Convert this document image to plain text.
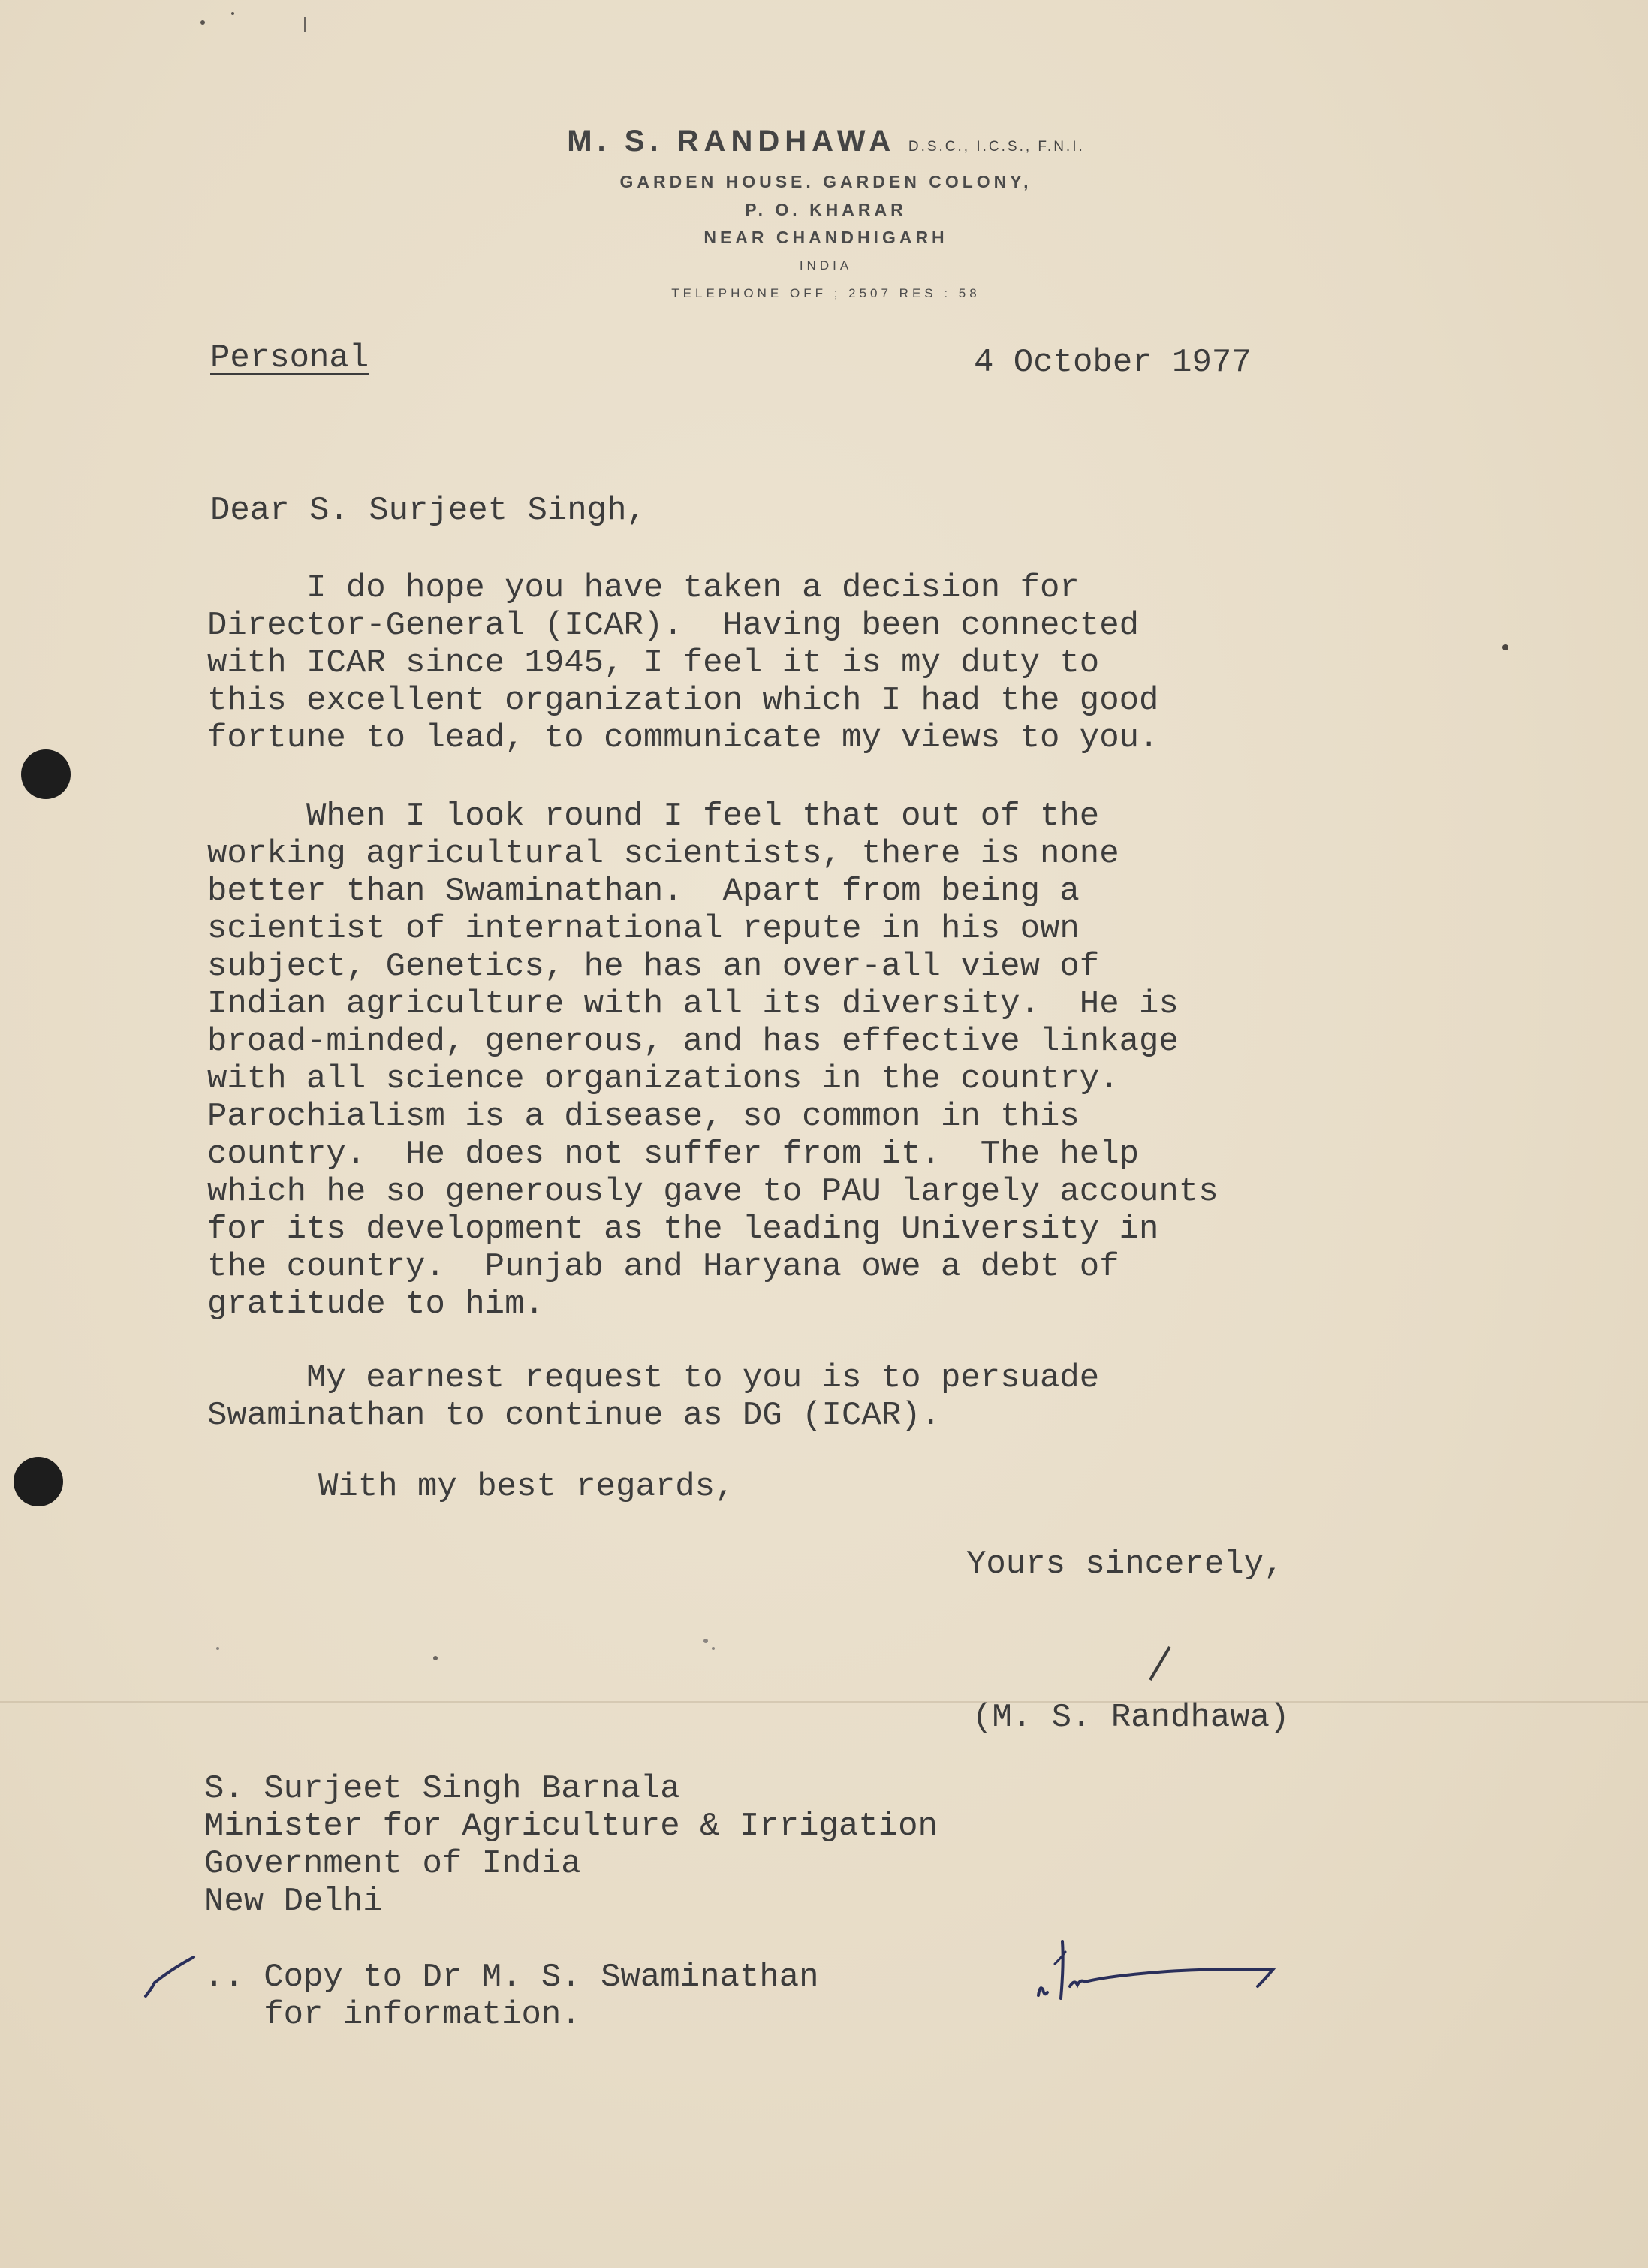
M. S. RANDHAWA D.S.C., I.C.S., F.N.I.
GARDEN HOUSE. GARDEN COLONY,
P. O. KHARAR
NEAR CHANDHIGARH
INDIA
TELEPHONE OFF ; 2507 RES : 58
Personal	4 October 1977
Dear S. Surjeet Singh,
I do hope you have taken a decision for
Director-General (ICAR).  Having been connected
with ICAR since 1945, I feel it is my duty to
this excellent organization which I had the good
fortune to lead, to communicate my views to you.
When I look round I feel that out of the
working agricultural scientists, there is none
better than Swaminathan.  Apart from being a
scientist of international repute in his own
subject, Genetics, he has an over-all view of
Indian agriculture with all its diversity.  He is
broad-minded, generous, and has effective linkage
with all science organizations in the country.
Parochialism is a disease, so common in this
country.  He does not suffer from it.  The help
which he so generously gave to PAU largely accounts
for its development as the leading University in
the country.  Punjab and Haryana owe a debt of
gratitude to him.
My earnest request to you is to persuade
Swaminathan to continue as DG (ICAR).
With my best regards,
Yours sincerely,
/
(M. S. Randhawa)
S. Surjeet Singh Barnala
Minister for Agriculture & Irrigation
Government of India
New Delhi
.. Copy to Dr M. S. Swaminathan
for information.
